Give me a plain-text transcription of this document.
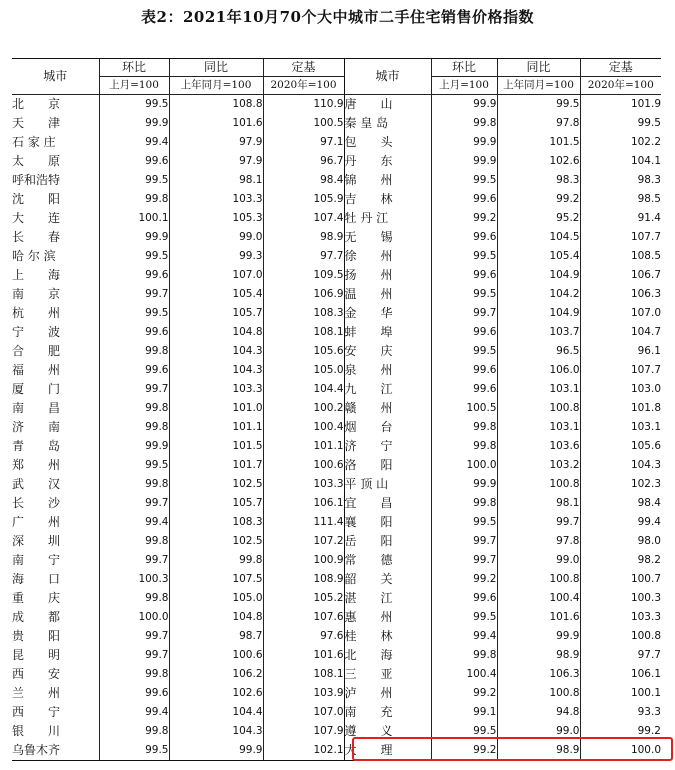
表2：2021年10月70个大中城市二手住宅销售价格指数
城市	环比	同比	定基	城市	环比	同比	定基
	上月=100	上年同月=100	2020年=100		上月=100	上年同月=100	2020年=100
北　　京	99.5	108.8	110.9	唐　　山	99.9	99.5	101.9
天　　津	99.9	101.6	100.5	秦 皇 岛	99.8	97.8	99.5
石 家 庄	99.4	97.9	97.1	包　　头	99.9	101.5	102.2
太　　原	99.6	97.9	96.7	丹　　东	99.9	102.6	104.1
呼和浩特	99.5	98.1	98.4	锦　　州	99.5	98.3	98.3
沈　　阳	99.8	103.3	105.9	吉　　林	99.6	99.2	98.5
大　　连	100.1	105.3	107.4	牡 丹 江	99.2	95.2	91.4
长　　春	99.9	99.0	98.9	无　　锡	99.6	104.5	107.7
哈 尔 滨	99.5	99.3	97.7	徐　　州	99.5	105.4	108.5
上　　海	99.6	107.0	109.5	扬　　州	99.6	104.9	106.7
南　　京	99.7	105.4	106.9	温　　州	99.5	104.2	106.3
杭　　州	99.5	105.7	108.3	金　　华	99.7	104.9	107.0
宁　　波	99.6	104.8	108.1	蚌　　埠	99.6	103.7	104.7
合　　肥	99.8	104.3	105.6	安　　庆	99.5	96.5	96.1
福　　州	99.6	104.3	105.0	泉　　州	99.6	106.0	107.7
厦　　门	99.7	103.3	104.4	九　　江	99.6	103.1	103.0
南　　昌	99.8	101.0	100.2	赣　　州	100.5	100.8	101.8
济　　南	99.8	101.1	100.4	烟　　台	99.8	103.1	103.1
青　　岛	99.9	101.5	101.1	济　　宁	99.8	103.6	105.6
郑　　州	99.5	101.7	100.6	洛　　阳	100.0	103.2	104.3
武　　汉	99.8	102.5	103.3	平 顶 山	99.9	100.8	102.3
长　　沙	99.7	105.7	106.1	宜　　昌	99.8	98.1	98.4
广　　州	99.4	108.3	111.4	襄　　阳	99.5	99.7	99.4
深　　圳	99.8	102.5	107.2	岳　　阳	99.7	97.8	98.0
南　　宁	99.7	99.8	100.9	常　　德	99.7	99.0	98.2
海　　口	100.3	107.5	108.9	韶　　关	99.2	100.8	100.7
重　　庆	99.8	105.0	105.2	湛　　江	99.6	100.4	100.3
成　　都	100.0	104.8	107.6	惠　　州	99.5	101.6	103.3
贵　　阳	99.7	98.7	97.6	桂　　林	99.4	99.9	100.8
昆　　明	99.7	100.6	101.6	北　　海	99.8	98.9	97.7
西　　安	99.8	106.2	108.1	三　　亚	100.4	106.3	106.1
兰　　州	99.6	102.6	103.9	泸　　州	99.2	100.8	100.1
西　　宁	99.4	104.4	107.0	南　　充	99.1	94.8	93.3
银　　川	99.8	104.3	107.9	遵　　义	99.5	99.0	99.2
乌鲁木齐	99.5	99.9	102.1	大　　理	99.2	98.9	100.0
